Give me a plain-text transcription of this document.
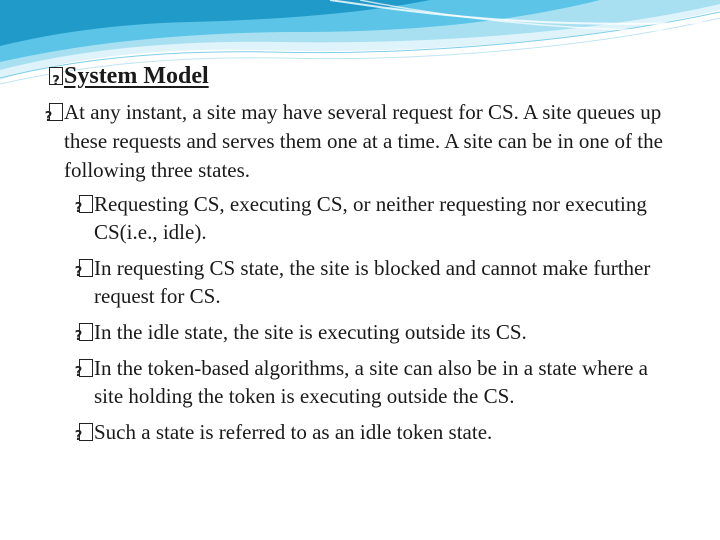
?System Model
?At any instant, a site may have several request for CS. A site queues up these requests and serves them one at a time. A site can be in one of the following three states.
?Requesting CS, executing CS, or neither requesting nor executing CS(i.e., idle).
?In requesting CS state, the site is blocked and cannot make further request for CS.
?In the idle state, the site is executing outside its CS.
?In the token-based algorithms, a site can also be in a state where a site holding the token is executing outside the CS.
?Such a state is referred to as an idle token state.
